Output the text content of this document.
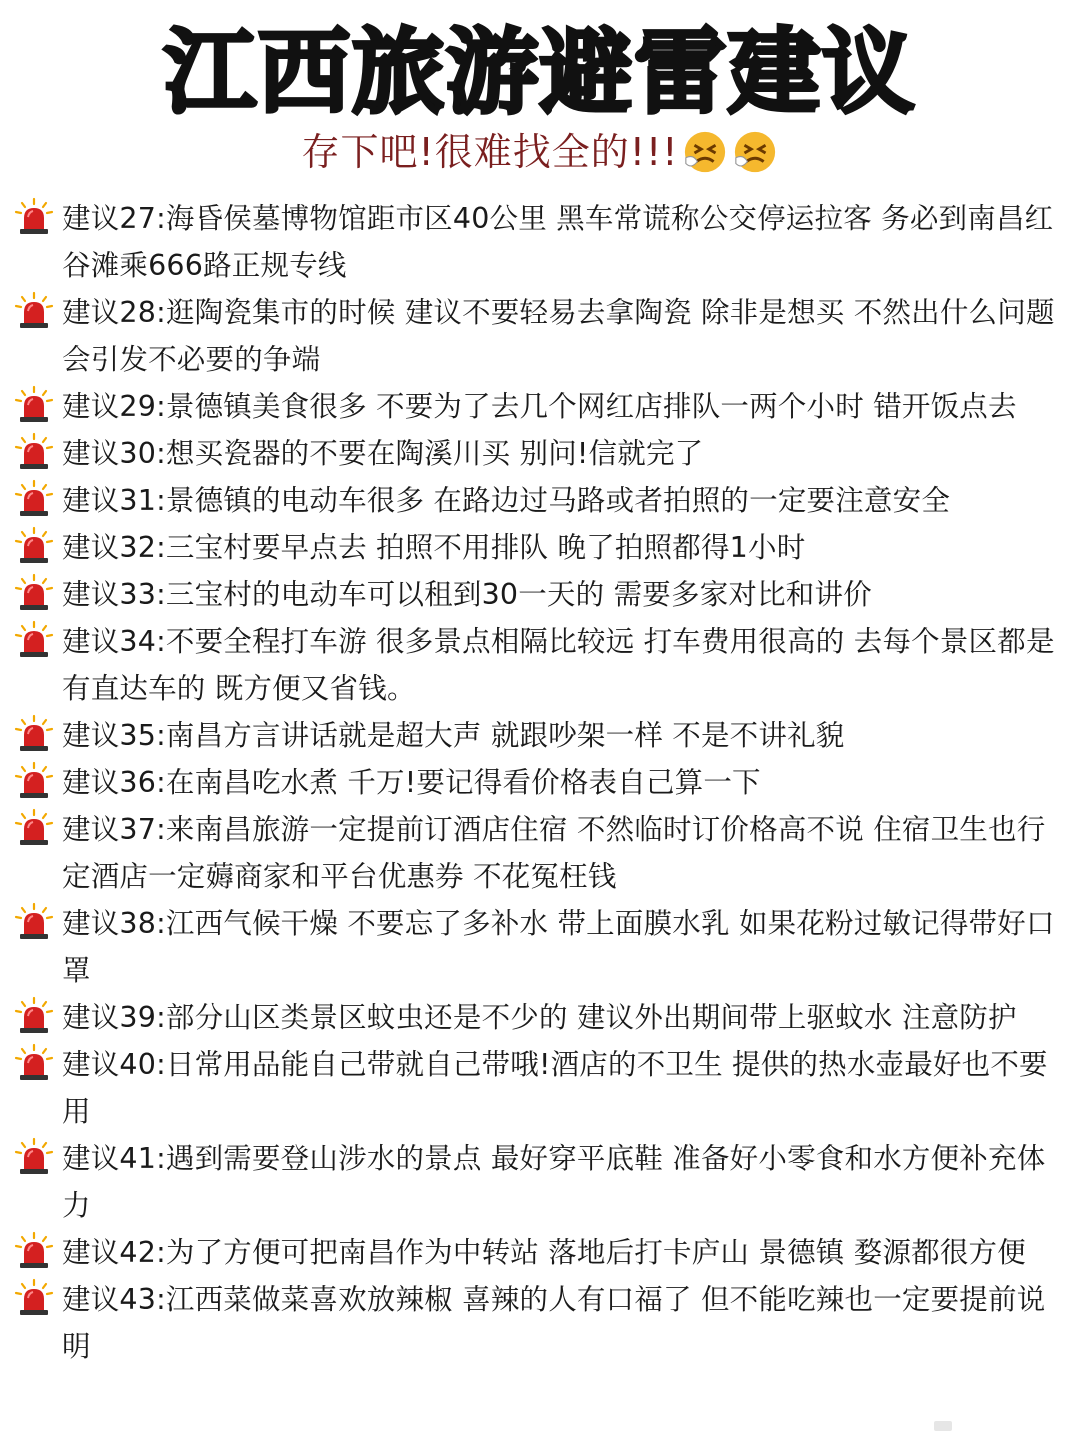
江西旅游避雷建议
存下吧!很难找全的!!!
建议27:海昏侯墓博物馆距市区40公里 黑车常谎称公交停运拉客 务必到南昌红谷滩乘666路正规专线
建议28:逛陶瓷集市的时候 建议不要轻易去拿陶瓷 除非是想买 不然出什么问题会引发不必要的争端
建议29:景德镇美食很多 不要为了去几个网红店排队一两个小时 错开饭点去
建议30:想买瓷器的不要在陶溪川买 别问!信就完了
建议31:景德镇的电动车很多 在路边过马路或者拍照的一定要注意安全
建议32:三宝村要早点去 拍照不用排队 晚了拍照都得1小时
建议33:三宝村的电动车可以租到30一天的 需要多家对比和讲价
建议34:不要全程打车游 很多景点相隔比较远 打车费用很高的 去每个景区都是有直达车的 既方便又省钱。
建议35:南昌方言讲话就是超大声 就跟吵架一样 不是不讲礼貌
建议36:在南昌吃水煮 千万!要记得看价格表自己算一下
建议37:来南昌旅游一定提前订酒店住宿 不然临时订价格高不说 住宿卫生也行 定酒店一定薅商家和平台优惠券 不花冤枉钱
建议38:江西气候干燥 不要忘了多补水 带上面膜水乳 如果花粉过敏记得带好口罩
建议39:部分山区类景区蚊虫还是不少的 建议外出期间带上驱蚊水 注意防护
建议40:日常用品能自己带就自己带哦!酒店的不卫生 提供的热水壶最好也不要用
建议41:遇到需要登山涉水的景点 最好穿平底鞋 准备好小零食和水方便补充体力
建议42:为了方便可把南昌作为中转站 落地后打卡庐山 景德镇 婺源都很方便
建议43:江西菜做菜喜欢放辣椒 喜辣的人有口福了 但不能吃辣也一定要提前说明
